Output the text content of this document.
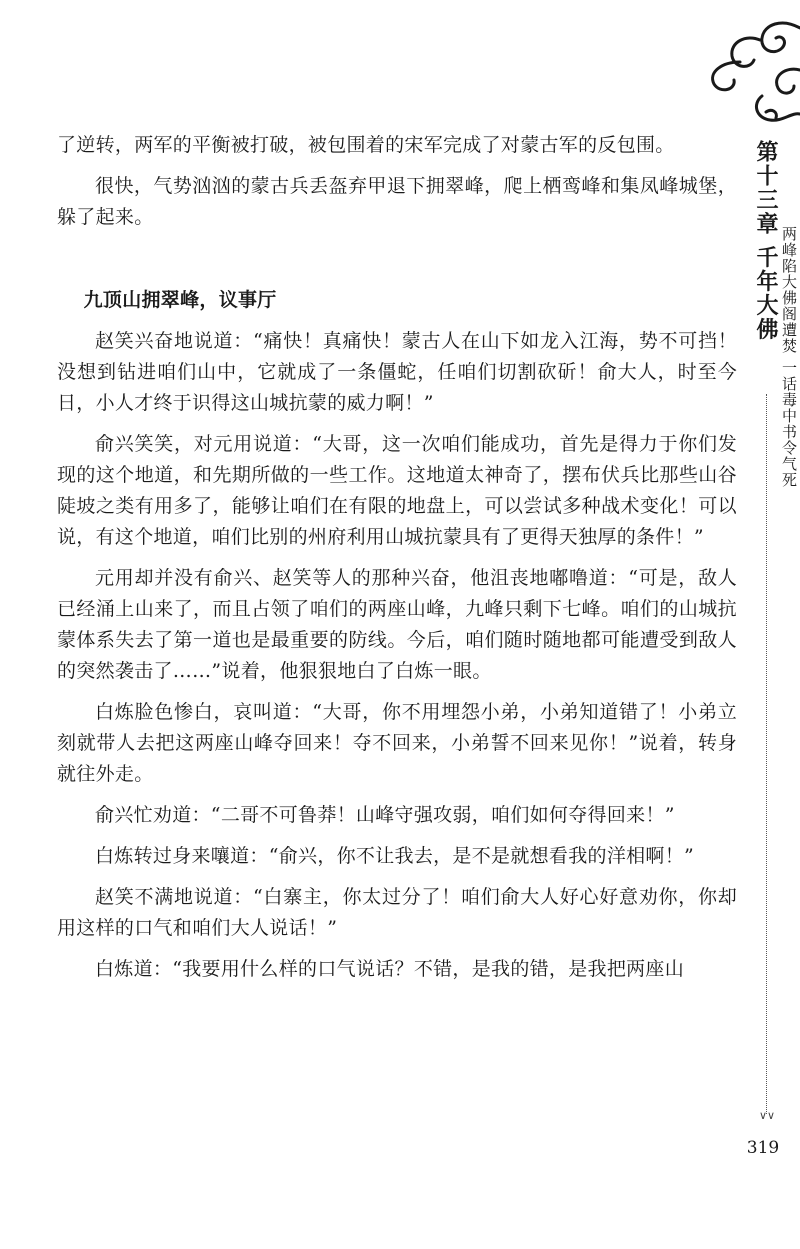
了逆转，两军的平衡被打破，被包围着的宋军完成了对蒙古军的反包围。

很快，气势汹汹的蒙古兵丢盔弃甲退下拥翠峰，爬上栖鸾峰和集凤峰城堡，躲了起来。

九顶山拥翠峰，议事厅

赵笑兴奋地说道：“痛快！真痛快！蒙古人在山下如龙入江海，势不可挡！没想到钻进咱们山中，它就成了一条僵蛇，任咱们切割砍斫！俞大人，时至今日，小人才终于识得这山城抗蒙的威力啊！”

俞兴笑笑，对元用说道：“大哥，这一次咱们能成功，首先是得力于你们发现的这个地道，和先期所做的一些工作。这地道太神奇了，摆布伏兵比那些山谷陡坡之类有用多了，能够让咱们在有限的地盘上，可以尝试多种战术变化！可以说，有这个地道，咱们比别的州府利用山城抗蒙具有了更得天独厚的条件！”

元用却并没有俞兴、赵笑等人的那种兴奋，他沮丧地嘟噜道：“可是，敌人已经涌上山来了，而且占领了咱们的两座山峰，九峰只剩下七峰。咱们的山城抗蒙体系失去了第一道也是最重要的防线。今后，咱们随时随地都可能遭受到敌人的突然袭击了……”说着，他狠狠地白了白炼一眼。

白炼脸色惨白，哀叫道：“大哥，你不用埋怨小弟，小弟知道错了！小弟立刻就带人去把这两座山峰夺回来！夺不回来，小弟誓不回来见你！”说着，转身就往外走。

俞兴忙劝道：“二哥不可鲁莽！山峰守强攻弱，咱们如何夺得回来！”

白炼转过身来嚷道：“俞兴，你不让我去，是不是就想看我的洋相啊！”

赵笑不满地说道：“白寨主，你太过分了！咱们俞大人好心好意劝你，你却用这样的口气和咱们大人说话！”

白炼道：“我要用什么样的口气说话？不错，是我的错，是我把两座山

第十三章 千年大佛 两峰陷大佛阁遭焚 一话毒中书令气死
∨∨
319
